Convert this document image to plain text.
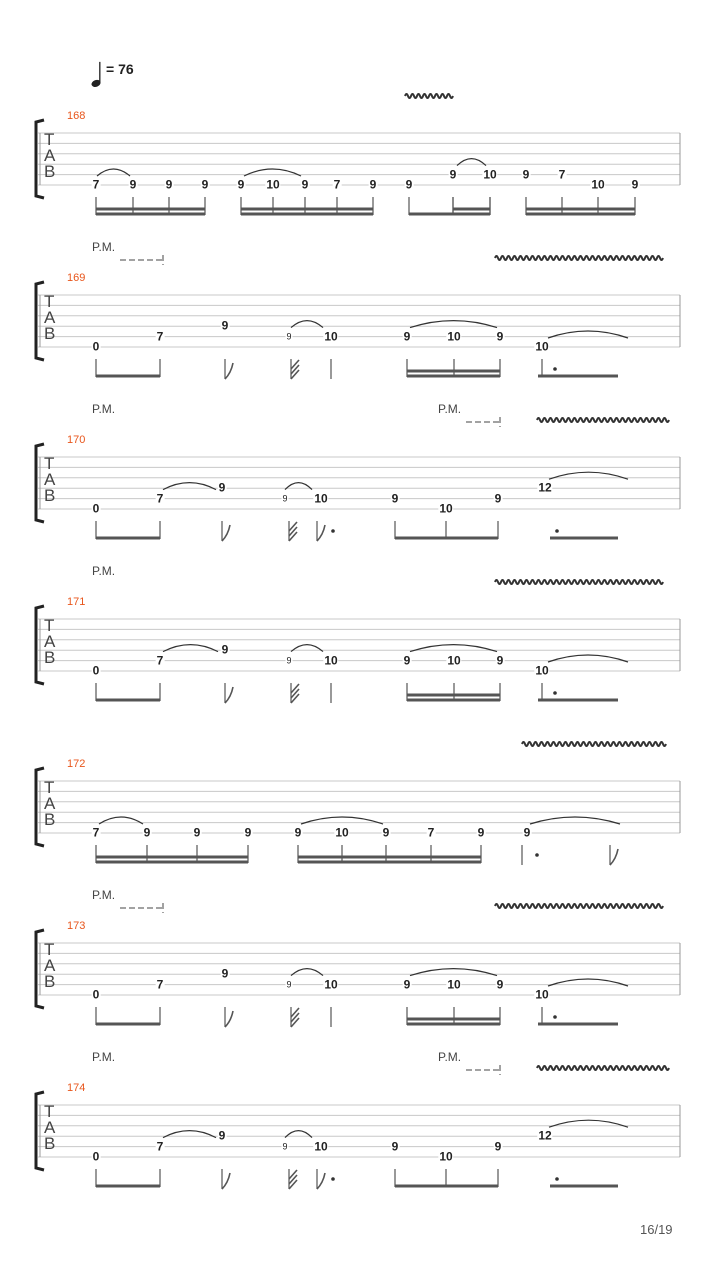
= 76
T
A
B
168
7	9 9 9 9 10 9 7 9 9
9 10 9 7
10 9
T
A
B
169
P.M.
0
7
9
9	10	9	10	9
10
T
A
B
170
P.M.	P.M.
0
7
9
9 10	9
10
9
12
T
A
B
171
P.M.
0
7
9
9	10	9	10	9
10
T
A
B
172
7	9	9	9	9	10	9	7	9	9
T
A
B
173
P.M.
0
7
9
9	10	9	10	9
10
T
A
B
174
P.M.	P.M.
0
7
9
9 10	9
10
9
12
16/19
